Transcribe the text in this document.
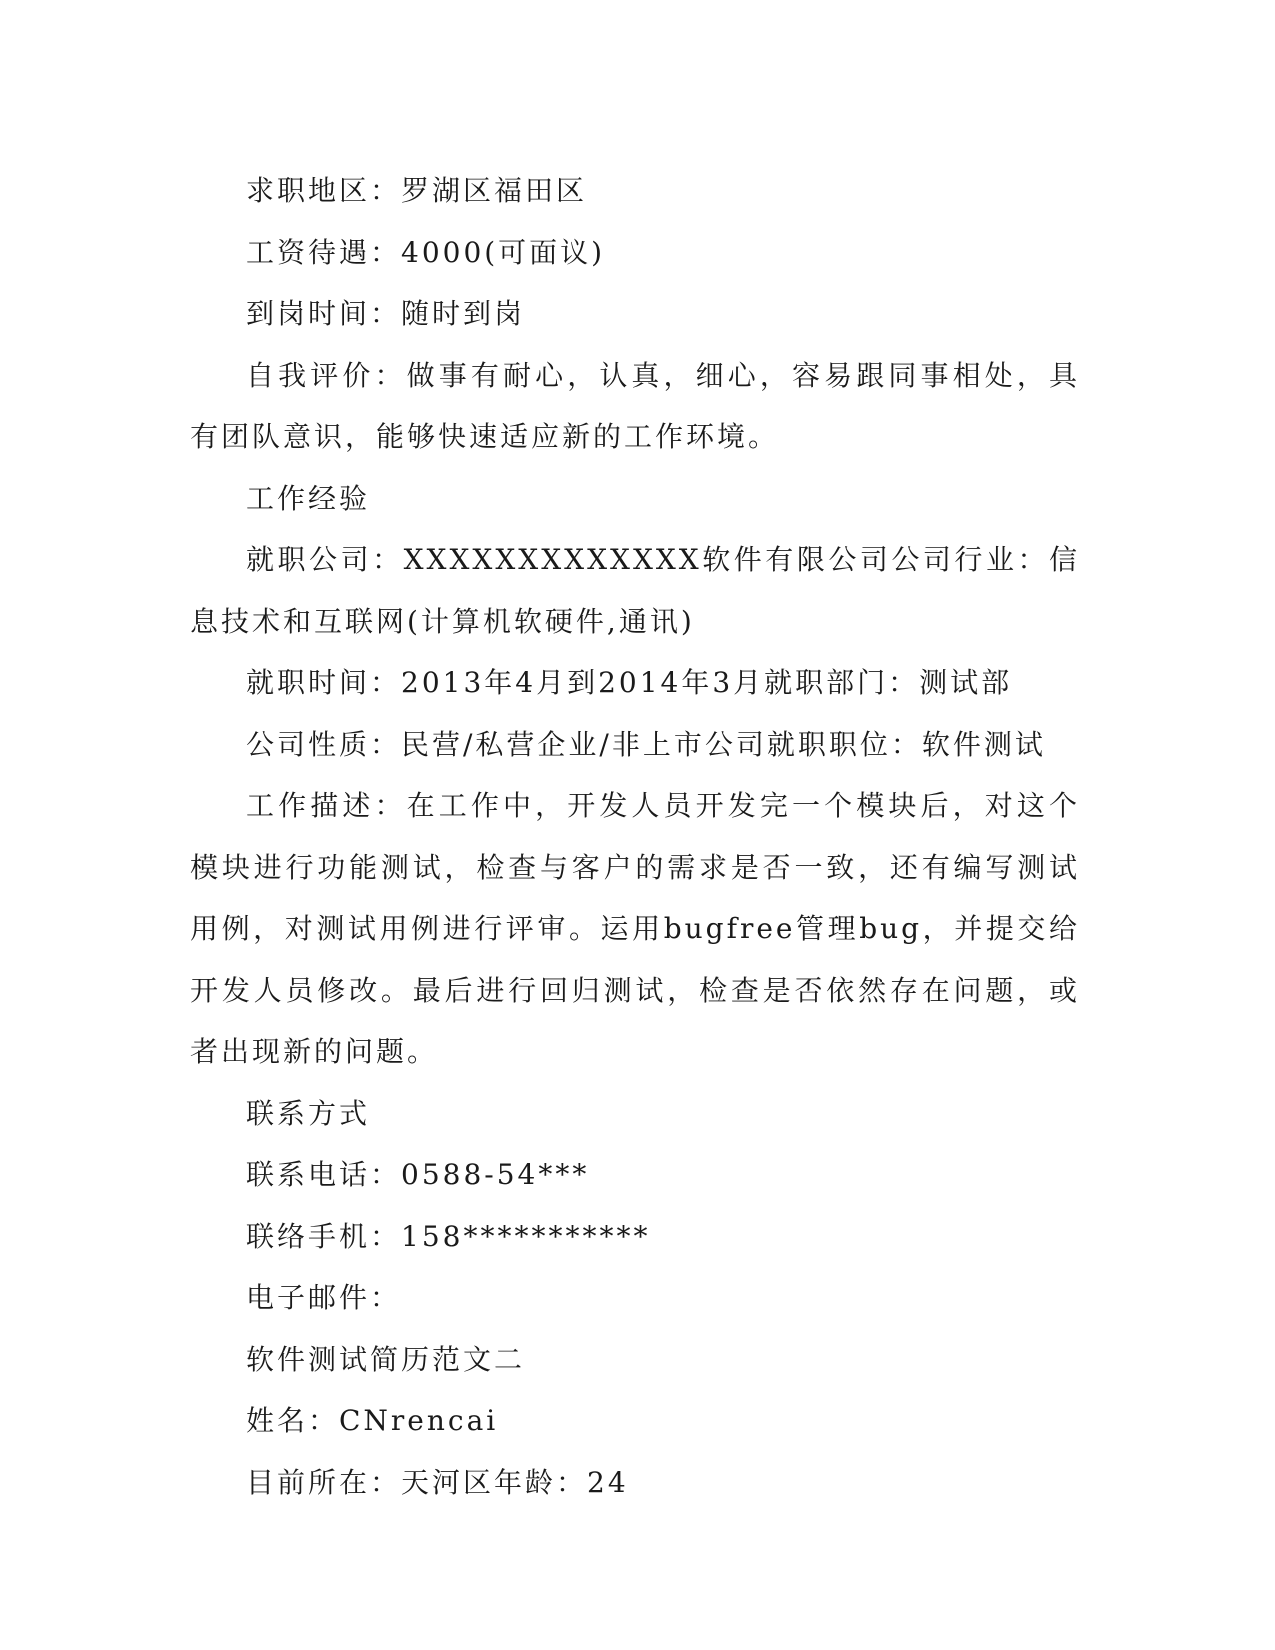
求职地区：罗湖区福田区

工资待遇：4000(可面议)

到岗时间：随时到岗

自我评价：做事有耐心，认真，细心，容易跟同事相处，具有团队意识，能够快速适应新的工作环境。

工作经验

就职公司：XXXXXXXXXXXXX软件有限公司公司行业：信息技术和互联网(计算机软硬件,通讯)

就职时间：2013年4月到2014年3月就职部门：测试部

公司性质：民营/私营企业/非上市公司就职职位：软件测试

工作描述：在工作中，开发人员开发完一个模块后，对这个模块进行功能测试，检查与客户的需求是否一致，还有编写测试用例，对测试用例进行评审。运用bugfree管理bug，并提交给开发人员修改。最后进行回归测试，检查是否依然存在问题，或者出现新的问题。

联系方式

联系电话：0588-54***

联络手机：158***********

电子邮件：

软件测试简历范文二

姓名：CNrencai

目前所在：天河区年龄：24
